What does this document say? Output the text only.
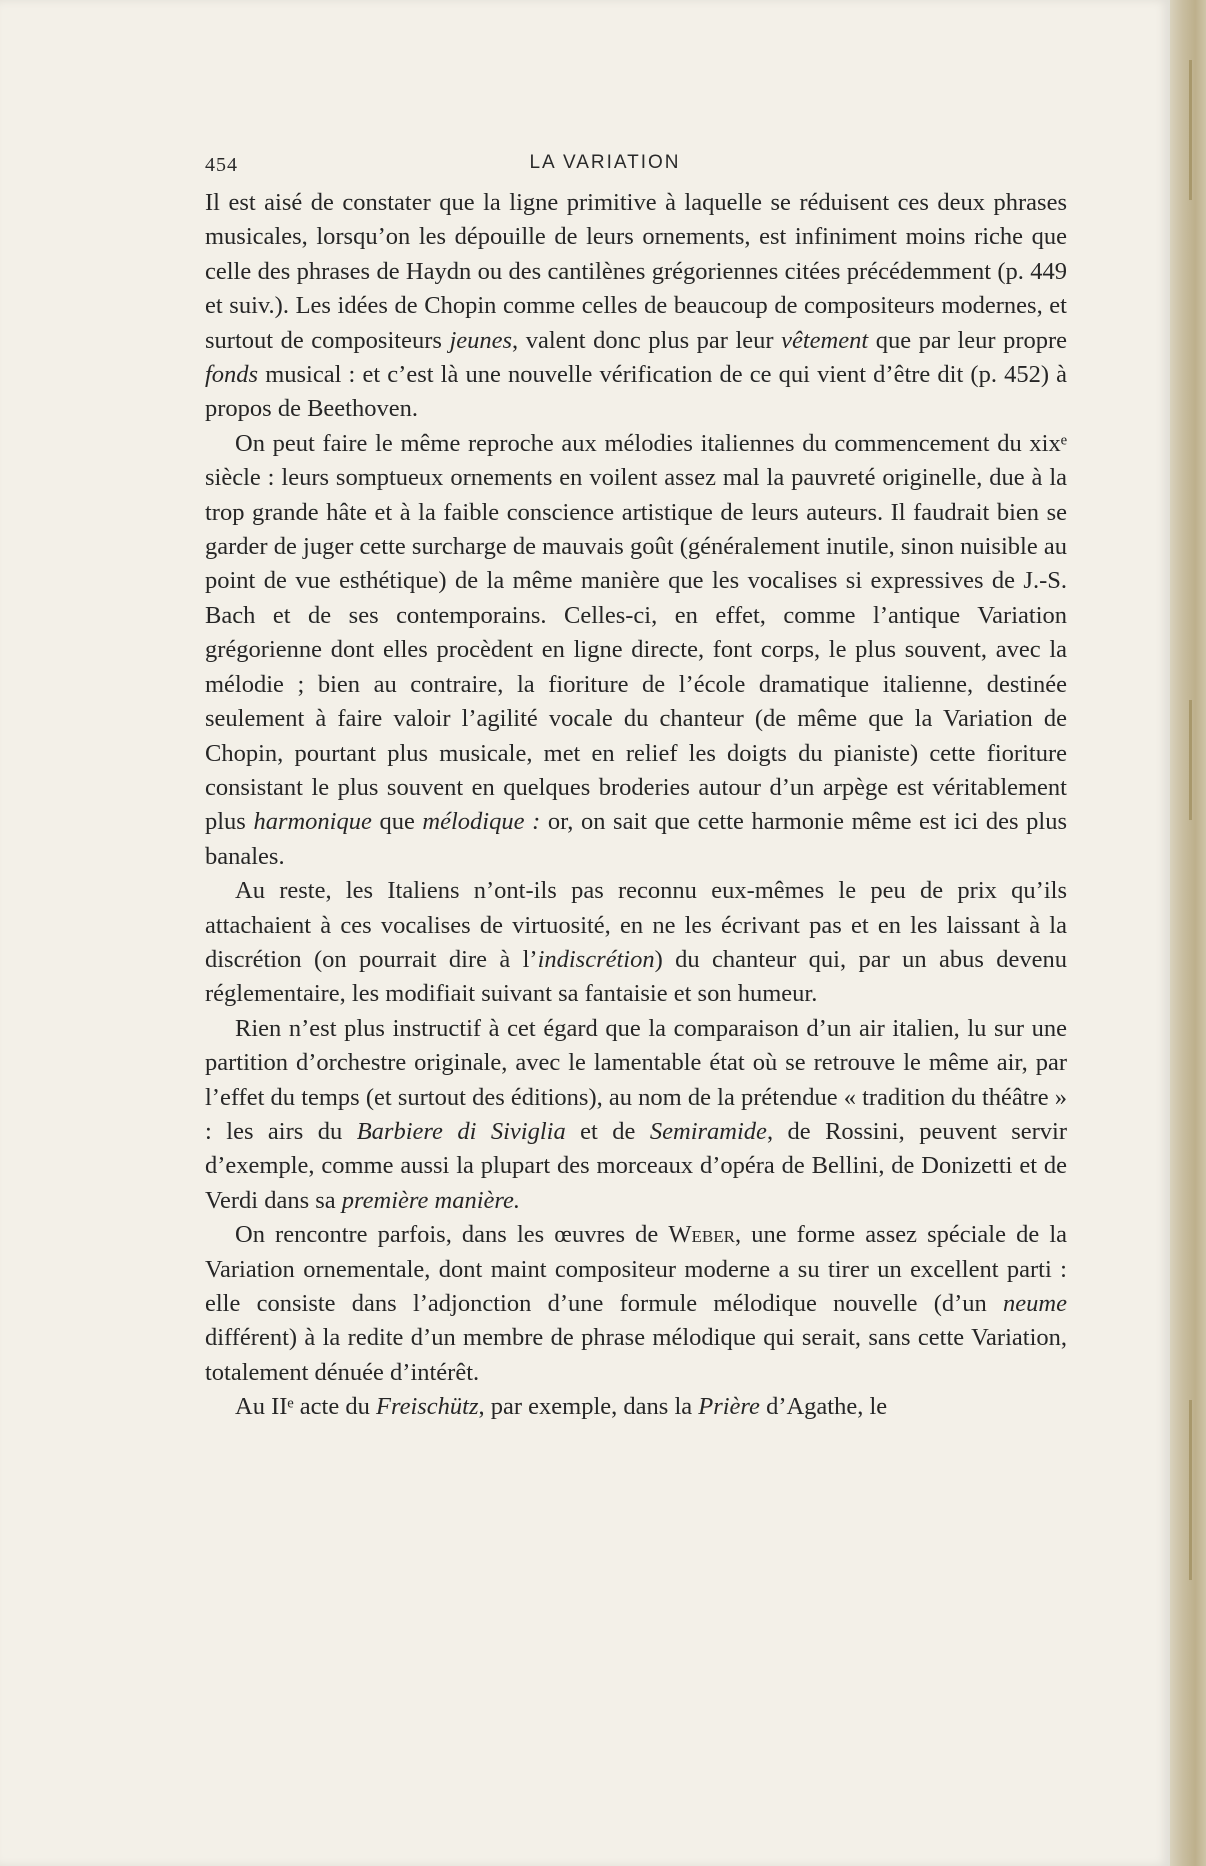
454	LA VARIATION

Il est aisé de constater que la ligne primitive à laquelle se réduisent ces deux phrases musicales, lorsqu’on les dépouille de leurs ornements, est infiniment moins riche que celle des phrases de Haydn ou des cantilènes grégoriennes citées précédemment (p. 449 et suiv.). Les idées de Chopin comme celles de beaucoup de compositeurs modernes, et surtout de compositeurs jeunes, valent donc plus par leur vêtement que par leur propre fonds musical : et c’est là une nouvelle vérification de ce qui vient d’être dit (p. 452) à propos de Beethoven.

On peut faire le même reproche aux mélodies italiennes du commencement du xixᵉ siècle : leurs somptueux ornements en voilent assez mal la pauvreté originelle, due à la trop grande hâte et à la faible conscience artistique de leurs auteurs. Il faudrait bien se garder de juger cette surcharge de mauvais goût (généralement inutile, sinon nuisible au point de vue esthétique) de la même manière que les vocalises si expressives de J.-S. Bach et de ses contemporains. Celles-ci, en effet, comme l’antique Variation grégorienne dont elles procèdent en ligne directe, font corps, le plus souvent, avec la mélodie ; bien au contraire, la fioriture de l’école dramatique italienne, destinée seulement à faire valoir l’agilité vocale du chanteur (de même que la Variation de Chopin, pourtant plus musicale, met en relief les doigts du pianiste) cette fioriture consistant le plus souvent en quelques broderies autour d’un arpège est véritablement plus harmonique que mélodique : or, on sait que cette harmonie même est ici des plus banales.

Au reste, les Italiens n’ont-ils pas reconnu eux-mêmes le peu de prix qu’ils attachaient à ces vocalises de virtuosité, en ne les écrivant pas et en les laissant à la discrétion (on pourrait dire à l’indiscrétion) du chanteur qui, par un abus devenu réglementaire, les modifiait suivant sa fantaisie et son humeur.

Rien n’est plus instructif à cet égard que la comparaison d’un air italien, lu sur une partition d’orchestre originale, avec le lamentable état où se retrouve le même air, par l’effet du temps (et surtout des éditions), au nom de la prétendue « tradition du théâtre » : les airs du Barbiere di Siviglia et de Semiramide, de Rossini, peuvent servir d’exemple, comme aussi la plupart des morceaux d’opéra de Bellini, de Donizetti et de Verdi dans sa première manière.

On rencontre parfois, dans les œuvres de Weber, une forme assez spéciale de la Variation ornementale, dont maint compositeur moderne a su tirer un excellent parti : elle consiste dans l’adjonction d’une formule mélodique nouvelle (d’un neume différent) à la redite d’un membre de phrase mélodique qui serait, sans cette Variation, totalement dénuée d’intérêt.

Au IIᵉ acte du Freischütz, par exemple, dans la Prière d’Agathe, le
